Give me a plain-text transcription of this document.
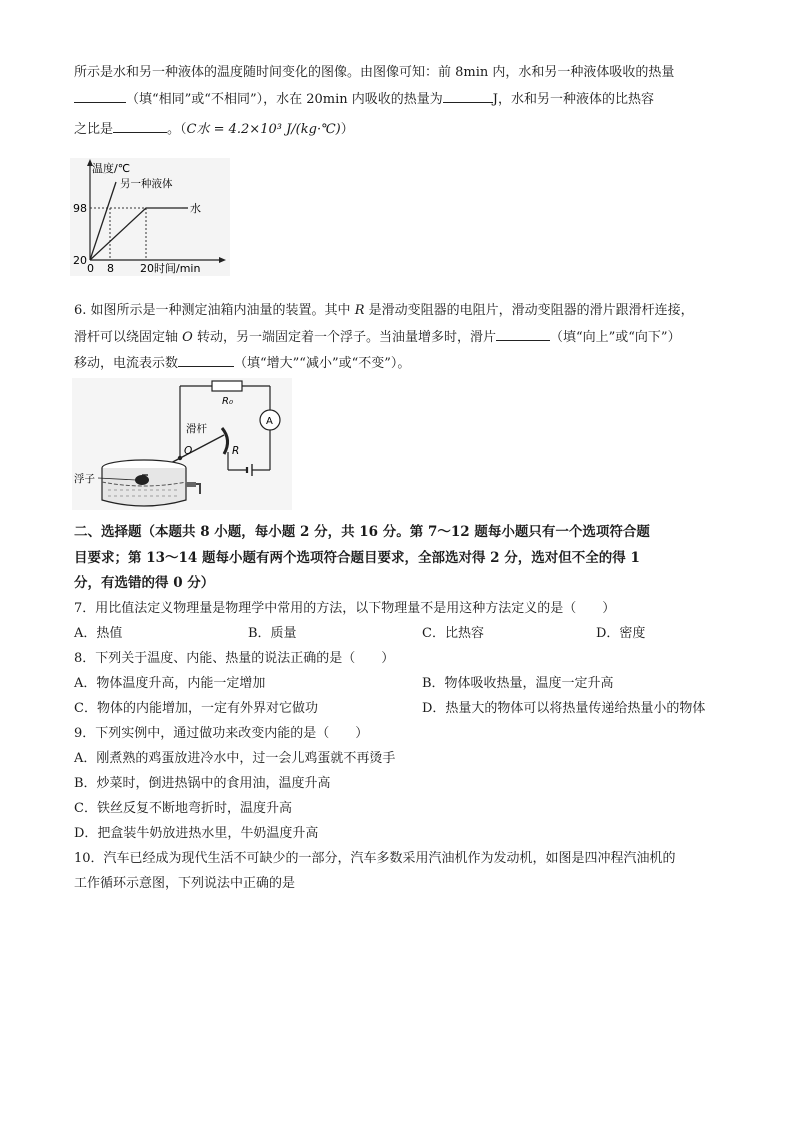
所示是水和另一种液体的温度随时间变化的图像。由图像可知：前 8min 内，水和另一种液体吸收的热量
（填“相同”或“不相同”），水在 20min 内吸收的热量为	J，水和另一种液体的比热容
之比是	。（C水 = 4.2×10³ J/(kg·℃)）
温度/℃
另一种液体
水
98
20
0 8 20 时间/min
6. 如图所示是一种测定油箱内油量的装置。其中 R 是滑动变阻器的电阻片，滑动变阻器的滑片跟滑杆连接，
滑杆可以绕固定轴 O 转动，另一端固定着一个浮子。当油量增多时，滑片	（填“向上”或“向下”）
移动，电流表示数	（填“增大”“减小”或“不变”）。
R₀
A
滑杆
O	R
浮子
二、选择题（本题共 8 小题，每小题 2 分，共 16 分。第 7～12 题每小题只有一个选项符合题
目要求；第 13～14 题每小题有两个选项符合题目要求，全部选对得 2 分，选对但不全的得 1
分，有选错的得 0 分）
7．用比值法定义物理量是物理学中常用的方法，以下物理量不是用这种方法定义的是（　　）
A．热值	B．质量	C．比热容	D．密度
8．下列关于温度、内能、热量的说法正确的是（　　）
A．物体温度升高，内能一定增加	B．物体吸收热量，温度一定升高
C．物体的内能增加，一定有外界对它做功	D．热量大的物体可以将热量传递给热量小的物体
9．下列实例中，通过做功来改变内能的是（　　）
A．刚煮熟的鸡蛋放进冷水中，过一会儿鸡蛋就不再烫手
B．炒菜时，倒进热锅中的食用油，温度升高
C．铁丝反复不断地弯折时，温度升高
D．把盒装牛奶放进热水里，牛奶温度升高
10．汽车已经成为现代生活不可缺少的一部分，汽车多数采用汽油机作为发动机，如图是四冲程汽油机的
工作循环示意图，下列说法中正确的是
